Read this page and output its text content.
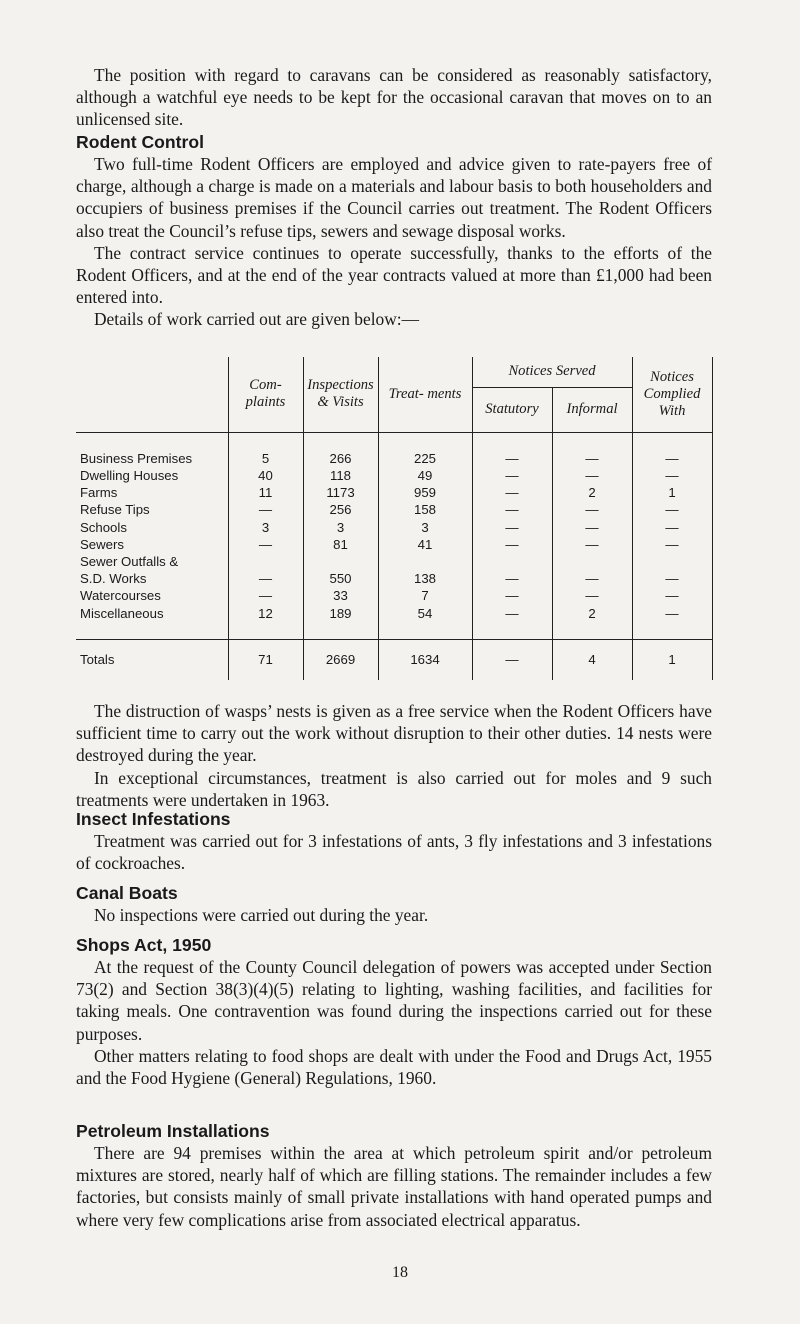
The position with regard to caravans can be considered as reasonably satisfactory, although a watchful eye needs to be kept for the occasional caravan that moves on to an unlicensed site.

Rodent Control

Two full-time Rodent Officers are employed and advice given to rate-payers free of charge, although a charge is made on a materials and labour basis to both householders and occupiers of business premises if the Council carries out treatment. The Rodent Officers also treat the Council’s refuse tips, sewers and sewage disposal works.

The contract service continues to operate successfully, thanks to the efforts of the Rodent Officers, and at the end of the year contracts valued at more than £1,000 had been entered into.

Details of work carried out are given below:—

	Com- plaints	Inspections & Visits	Treat- ments	Notices Served		Notices Complied With
				Statutory	Informal	

Business Premises	5	266	225	—	—	—
Dwelling Houses	40	118	49	—	—	—
Farms	11	1173	959	—	2	1
Refuse Tips	—	256	158	—	—	—
Schools	3	3	3	—	—	—
Sewers	—	81	41	—	—	—
Sewer Outfalls &						
S.D. Works	—	550	138	—	—	—
Watercourses	—	33	7	—	—	—
Miscellaneous	12	189	54	—	2	—

Totals	71	2669	1634	—	4	1

The distruction of wasps’ nests is given as a free service when the Rodent Officers have sufficient time to carry out the work without disruption to their other duties. 14 nests were destroyed during the year.

In exceptional circumstances, treatment is also carried out for moles and 9 such treatments were undertaken in 1963.

Insect Infestations

Treatment was carried out for 3 infestations of ants, 3 fly infestations and 3 infestations of cockroaches.

Canal Boats

No inspections were carried out during the year.

Shops Act, 1950

At the request of the County Council delegation of powers was accepted under Section 73(2) and Section 38(3)(4)(5) relating to lighting, washing facilities, and facilities for taking meals. One contravention was found during the inspections carried out for these purposes.

Other matters relating to food shops are dealt with under the Food and Drugs Act, 1955 and the Food Hygiene (General) Regulations, 1960.

Petroleum Installations

There are 94 premises within the area at which petroleum spirit and/or petroleum mixtures are stored, nearly half of which are filling stations. The remainder includes a few factories, but consists mainly of small private installations with hand operated pumps and where very few complications arise from associated electrical apparatus.

18
